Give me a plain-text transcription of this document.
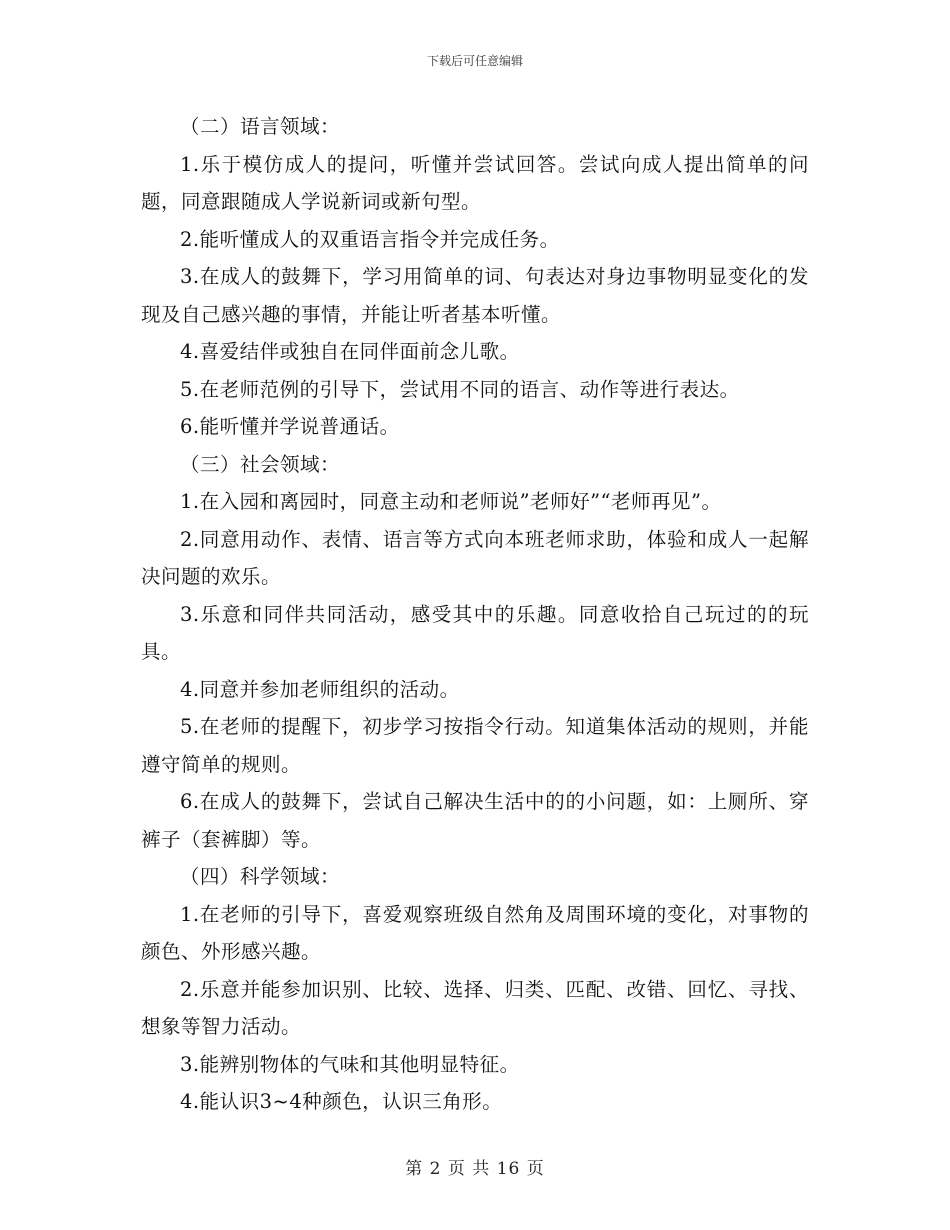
下载后可任意编辑

（二）语言领域：

1.乐于模仿成人的提问，听懂并尝试回答。尝试向成人提出简单的问题，同意跟随成人学说新词或新句型。

2.能听懂成人的双重语言指令并完成任务。

3.在成人的鼓舞下，学习用简单的词、句表达对身边事物明显变化的发现及自己感兴趣的事情，并能让听者基本听懂。

4.喜爱结伴或独自在同伴面前念儿歌。

5.在老师范例的引导下，尝试用不同的语言、动作等进行表达。

6.能听懂并学说普通话。

（三）社会领域：

1.在入园和离园时，同意主动和老师说”老师好”“老师再见”。

2.同意用动作、表情、语言等方式向本班老师求助，体验和成人一起解决问题的欢乐。

3.乐意和同伴共同活动，感受其中的乐趣。同意收拾自己玩过的的玩具。

4.同意并参加老师组织的活动。

5.在老师的提醒下，初步学习按指令行动。知道集体活动的规则，并能遵守简单的规则。

6.在成人的鼓舞下，尝试自己解决生活中的的小问题，如：上厕所、穿裤子（套裤脚）等。

（四）科学领域：

1.在老师的引导下，喜爱观察班级自然角及周围环境的变化，对事物的颜色、外形感兴趣。

2.乐意并能参加识别、比较、选择、归类、匹配、改错、回忆、寻找、想象等智力活动。

3.能辨别物体的气味和其他明显特征。

4.能认识3~4种颜色，认识三角形。

第 2 页 共 16 页
